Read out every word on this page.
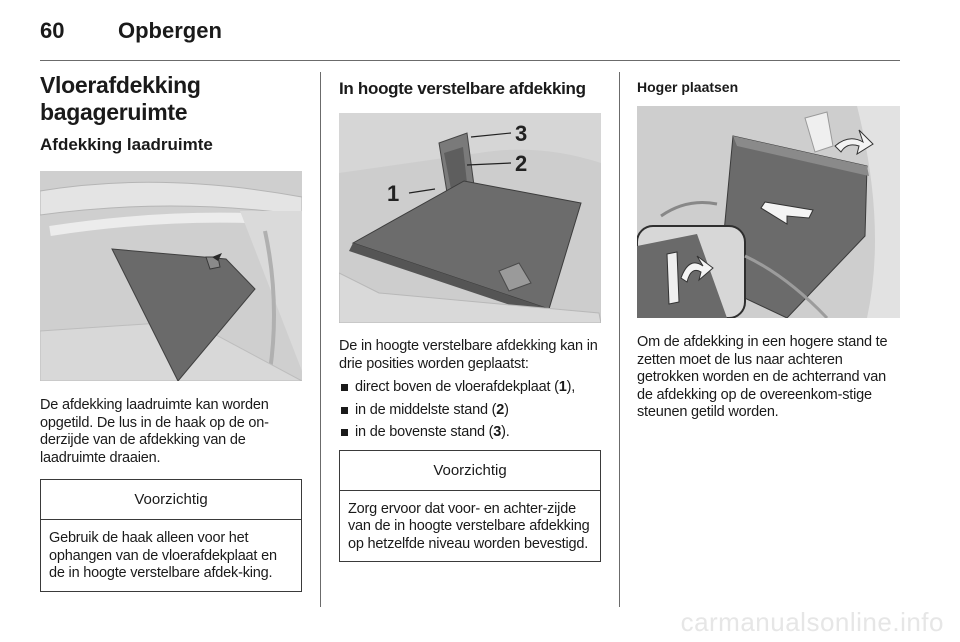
60 Opbergen
Vloerafdekking bagageruimte
Afdekking laadruimte

De afdekking laadruimte kan worden opgetild. De lus in de haak op de on-derzijde van de afdekking van de laadruimte draaien.

Voorzichtig
Gebruik de haak alleen voor het ophangen van de vloerafdekplaat en de in hoogte verstelbare afdek-king.
In hoogte verstelbare afdekking
3
2
1

De in hoogte verstelbare afdekking kan in drie posities worden geplaatst:

direct boven de vloerafdekplaat (1),
in de middelste stand (2)
in de bovenste stand (3).
Voorzichtig
Zorg ervoor dat voor- en achter-zijde van de in hoogte verstelbare afdekking op hetzelfde niveau worden bevestigd.
Hoger plaatsen

Om de afdekking in een hogere stand te zetten moet de lus naar achteren getrokken worden en de achterrand van de afdekking op de overeenkom-stige steunen getild worden.

carmanualsonline.info
